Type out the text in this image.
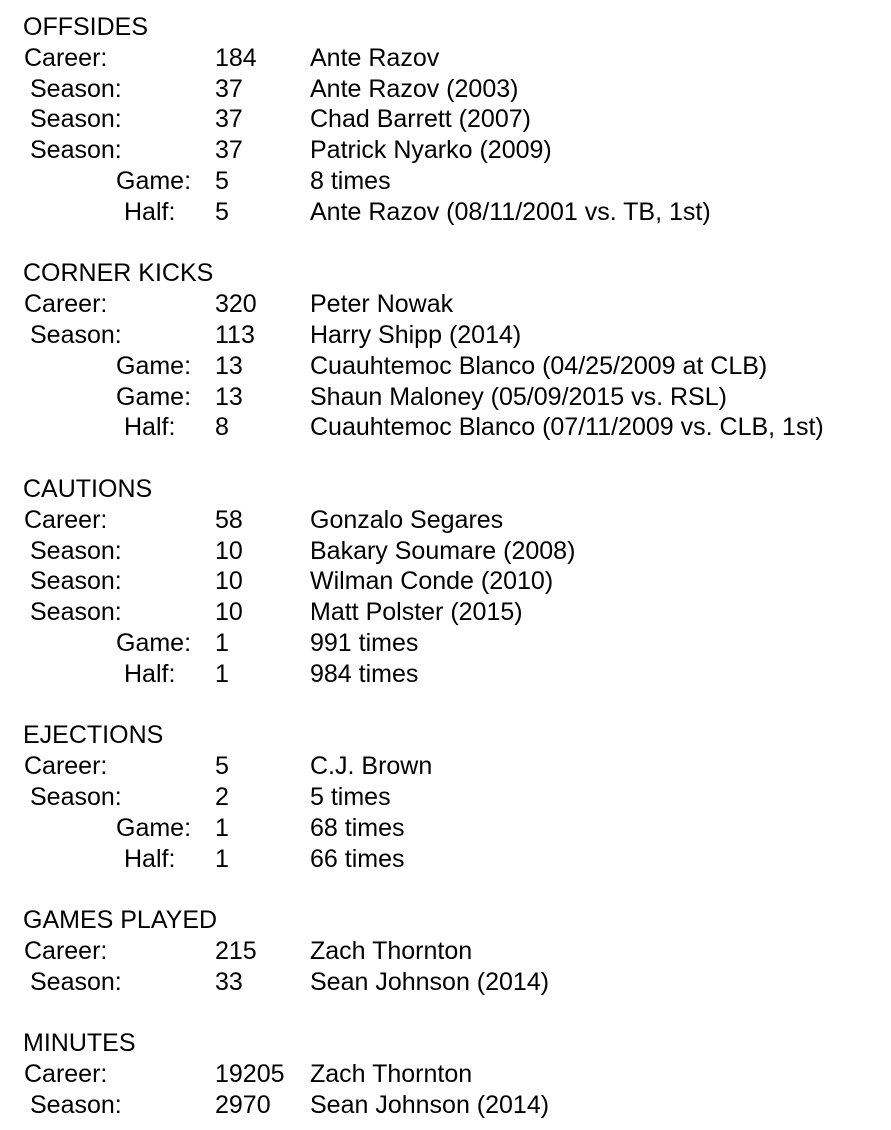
OFFSIDES
Career:	184	Ante Razov
Season:	37	Ante Razov (2003)
Season:	37	Chad Barrett (2007)
Season:	37	Patrick Nyarko (2009)
Game: 5	8 times
Half:	5	Ante Razov (08/11/2001 vs. TB, 1st)
CORNER KICKS
Career:	320	Peter Nowak
Season:	113	Harry Shipp (2014)
Game: 13	Cuauhtemoc Blanco (04/25/2009 at CLB)
Game: 13	Shaun Maloney (05/09/2015 vs. RSL)
Half:	8	Cuauhtemoc Blanco (07/11/2009 vs. CLB, 1st)
CAUTIONS
Career:	58	Gonzalo Segares
Season:	10	Bakary Soumare (2008)
Season:	10	Wilman Conde (2010)
Season:	10	Matt Polster (2015)
Game: 1	991 times
Half:	1	984 times
EJECTIONS
Career:	5	C.J. Brown
Season:	2	5 times
Game: 1	68 times
Half:	1	66 times
GAMES PLAYED
Career:	215	Zach Thornton
Season:	33	Sean Johnson (2014)
MINUTES
Career:	19205	Zach Thornton
Season:	2970	Sean Johnson (2014)
